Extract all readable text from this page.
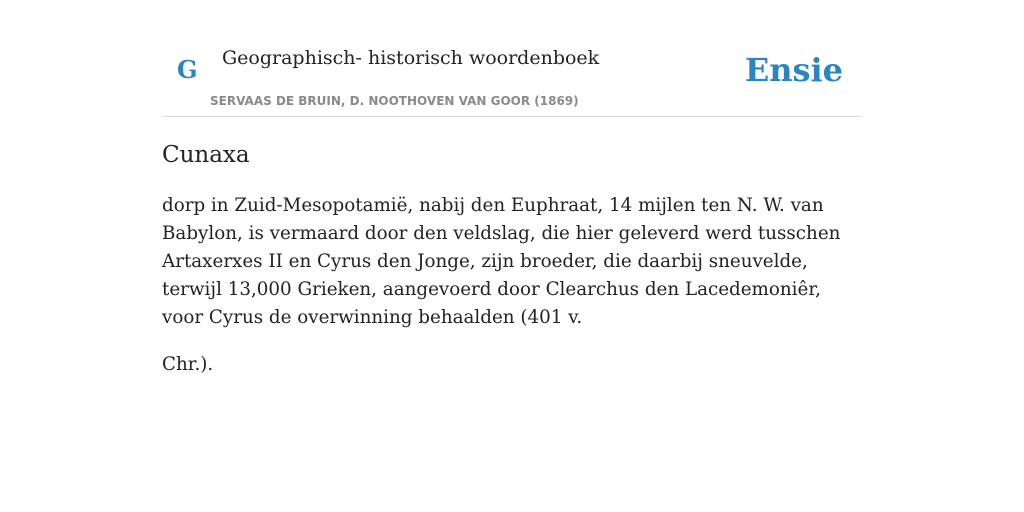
G Geographisch- historisch woordenboek
SERVAAS DE BRUIN, D. NOOTHOVEN VAN GOOR (1869)
Ensie
Cunaxa

dorp in Zuid-Mesopotamië, nabij den Euphraat, 14 mijlen ten N. W. van Babylon, is vermaard door den veldslag, die hier geleverd werd tusschen Artaxerxes II en Cyrus den Jonge, zijn broeder, die daarbij sneuvelde, terwijl 13,000 Grieken, aangevoerd door Clearchus den Lacedemoniêr, voor Cyrus de overwinning behaalden (401 v.

Chr.).
